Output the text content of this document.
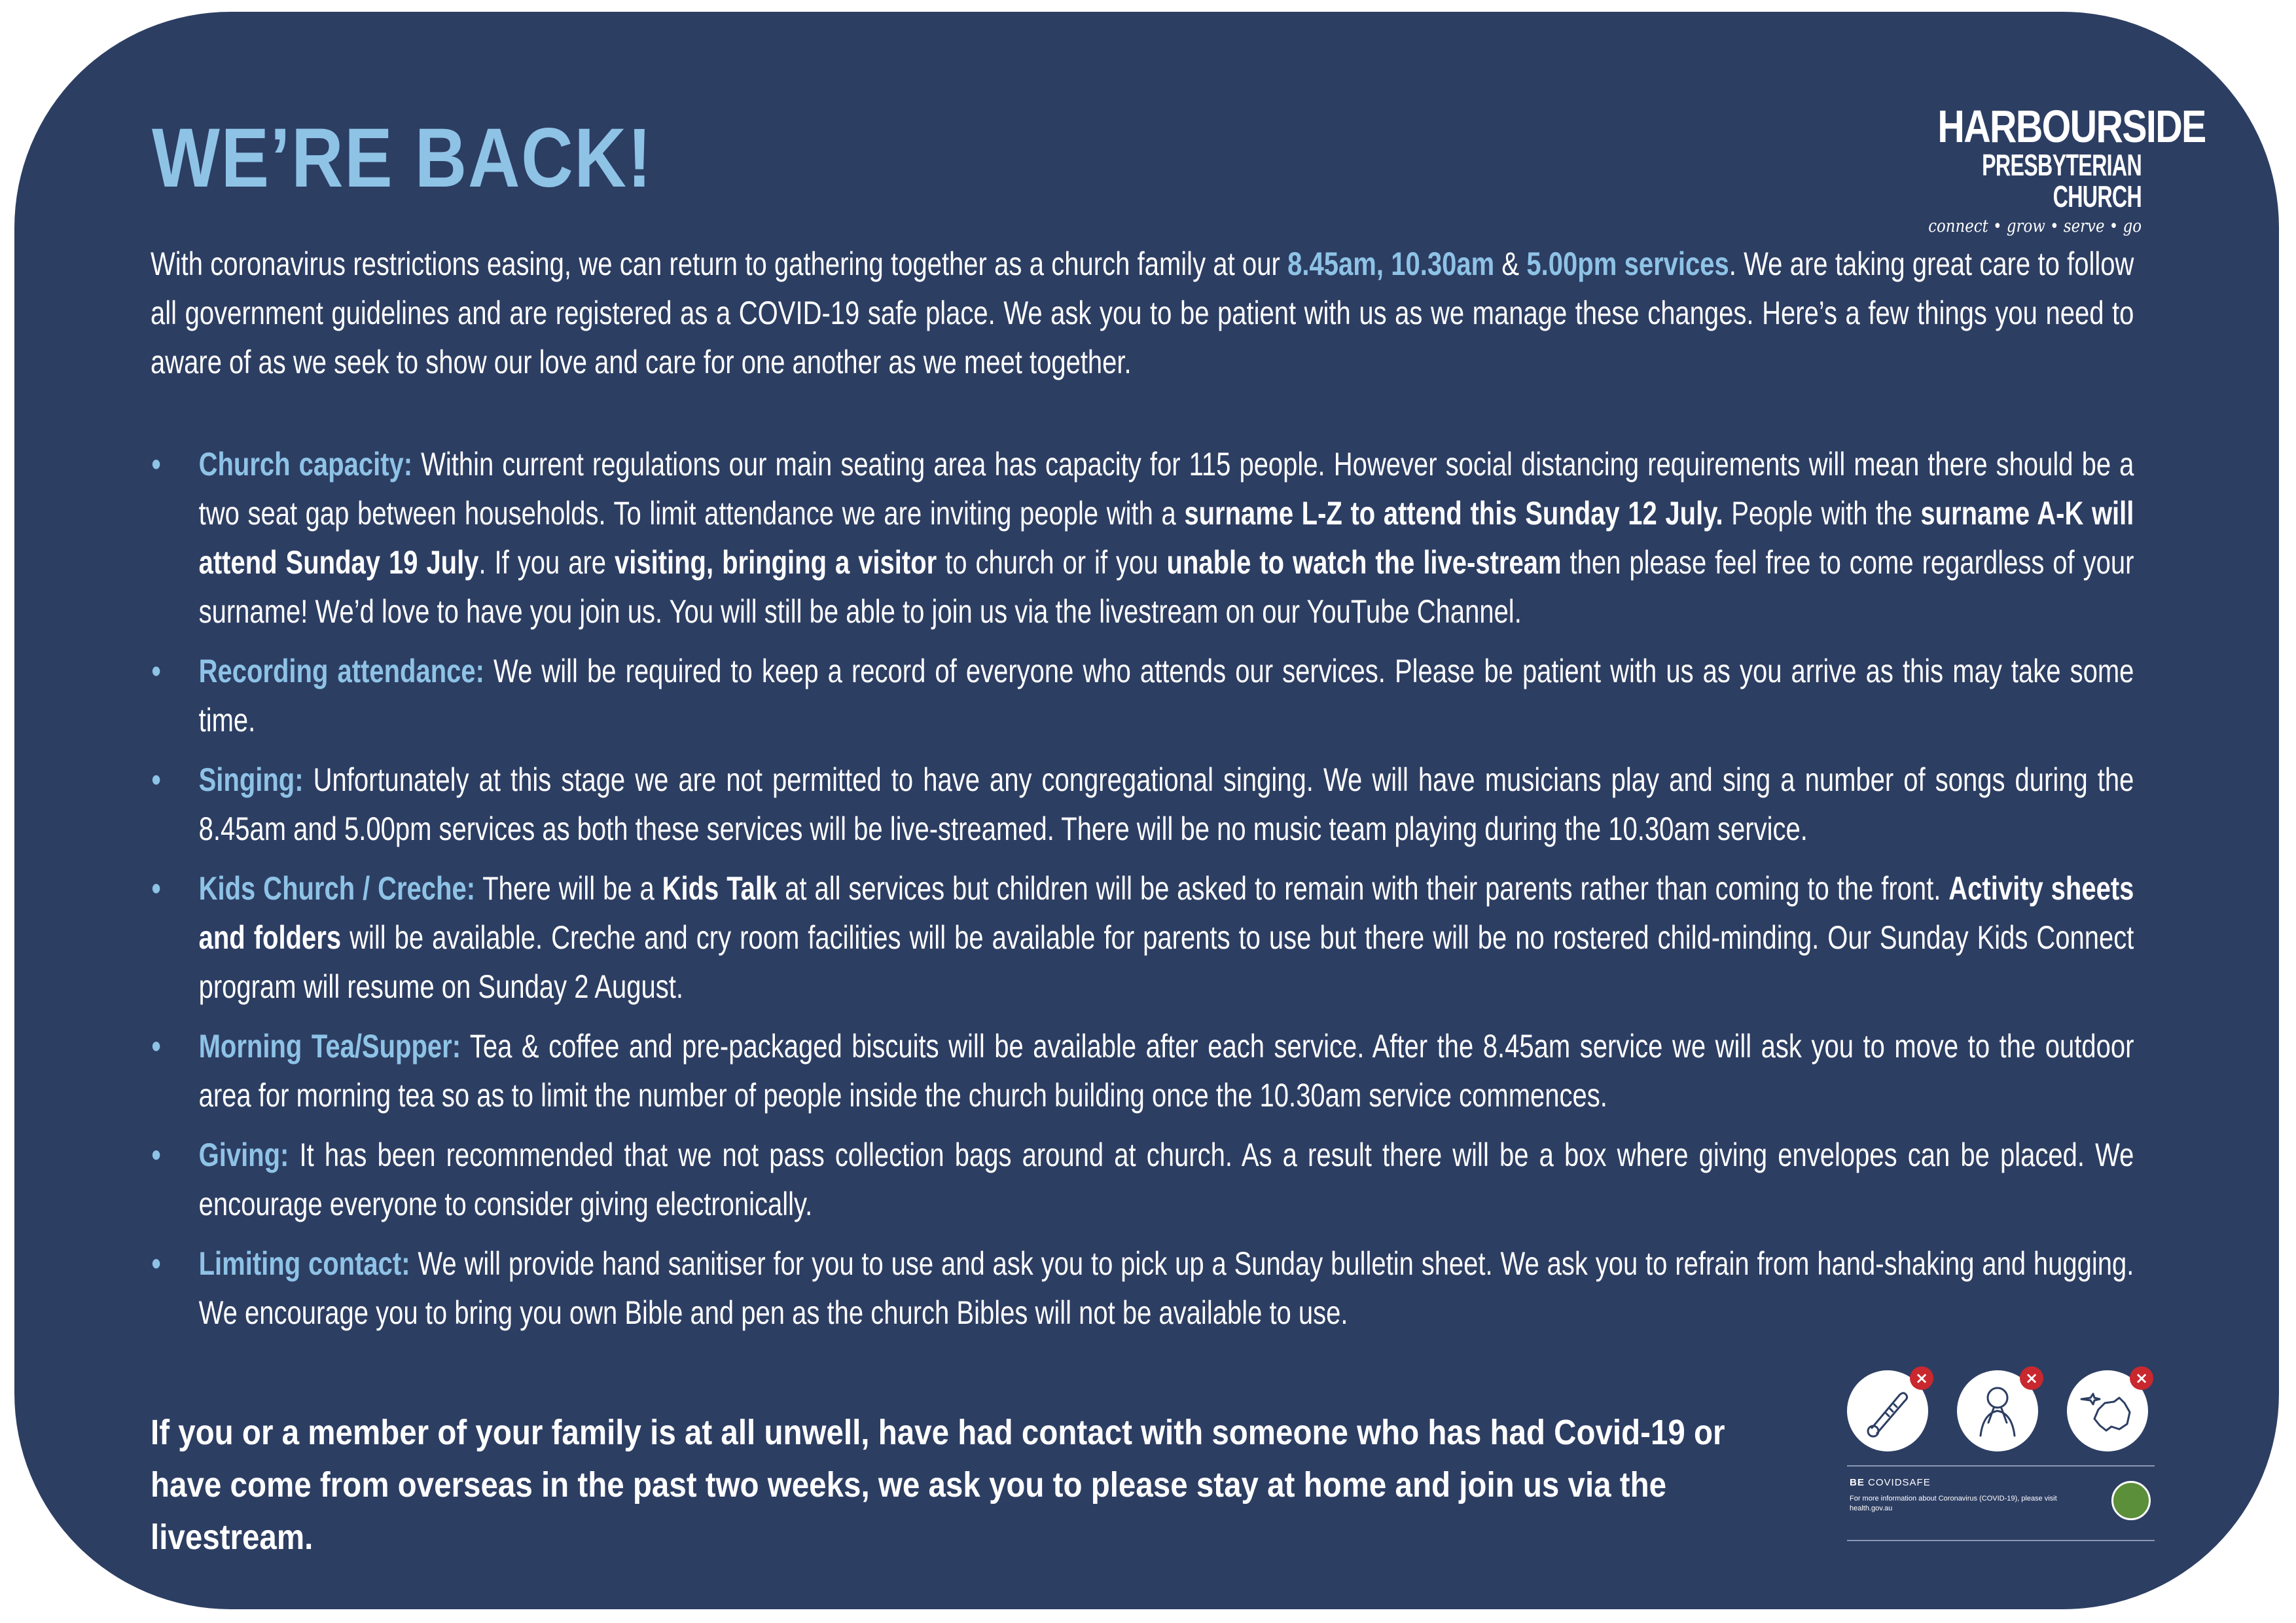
WE’RE BACK!	HARBOURSIDE
PRESBYTERIAN CHURCH
connect • grow • serve • go

With coronavirus restrictions easing, we can return to gathering together as a church family at our 8.45am, 10.30am & 5.00pm services. We are taking great care to follow all government guidelines and are registered as a COVID-19 safe place. We ask you to be patient with us as we manage these changes. Here’s a few things you need to aware of as we seek to show our love and care for one another as we meet together.

• Church capacity: Within current regulations our main seating area has capacity for 115 people. However social distancing requirements will mean there should be a two seat gap between households. To limit attendance we are inviting people with a surname L-Z to attend this Sunday 12 July. People with the surname A-K will attend Sunday 19 July. If you are visiting, bringing a visitor to church or if you unable to watch the live-stream then please feel free to come regardless of your surname! We’d love to have you join us. You will still be able to join us via the livestream on our YouTube Channel.
• Recording attendance: We will be required to keep a record of everyone who attends our services. Please be patient with us as you arrive as this may take some time.
• Singing: Unfortunately at this stage we are not permitted to have any congregational singing. We will have musicians play and sing a number of songs during the 8.45am and 5.00pm services as both these services will be live-streamed. There will be no music team playing during the 10.30am service.
• Kids Church / Creche: There will be a Kids Talk at all services but children will be asked to remain with their parents rather than coming to the front. Activity sheets and folders will be available. Creche and cry room facilities will be available for parents to use but there will be no rostered child-minding. Our Sunday Kids Connect program will resume on Sunday 2 August.
• Morning Tea/Supper: Tea & coffee and pre-packaged biscuits will be available after each service. After the 8.45am service we will ask you to move to the outdoor area for morning tea so as to limit the number of people inside the church building once the 10.30am service commences.
• Giving: It has been recommended that we not pass collection bags around at church. As a result there will be a box where giving envelopes can be placed. We encourage everyone to consider giving electronically.
• Limiting contact: We will provide hand sanitiser for you to use and ask you to pick up a Sunday bulletin sheet. We ask you to refrain from hand-shaking and hugging. We encourage you to bring you own Bible and pen as the church Bibles will not be available to use.

If you or a member of your family is at all unwell, have had contact with someone who has had Covid-19 or have come from overseas in the past two weeks, we ask you to please stay at home and join us via the livestream.

×	×	×
BE COVIDSAFE
For more information about Coronavirus (COVID-19), please visit health.gov.au
